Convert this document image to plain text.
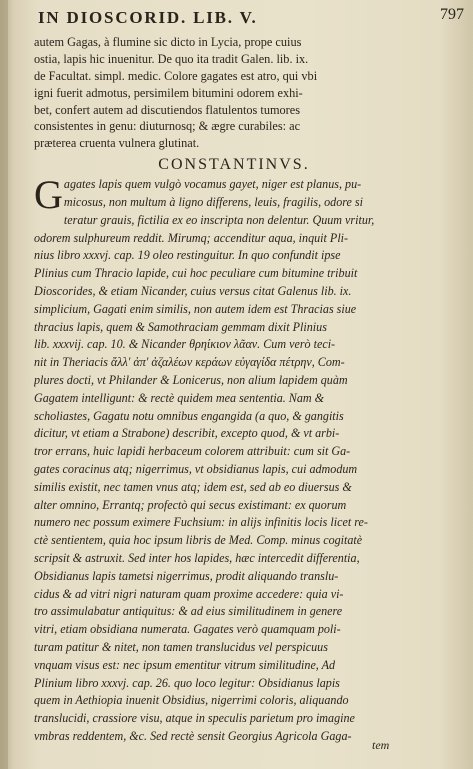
IN DIOSCORID. LIB. V.	797
autem Gagas, à flumine sic dicto in Lycia, prope cuius
ostia, lapis hic inuenitur. De quo ita tradit Galen. lib. ix.
de Facultat. simpl. medic. Colore gagates est atro, qui vbi
igni fuerit admotus, persimilem bitumini odorem exhi-
bet, confert autem ad discutiendos flatulentos tumores
consistentes in genu: diuturnosq; & ægre curabiles: ac
præterea cruenta vulnera glutinat.
CONSTANTINVS.
G agates lapis quem vulgò vocamus gayet, niger est planus, pu-
micosus, non multum à ligno differens, leuis, fragilis, odore si
teratur grauis, fictilia ex eo inscripta non delentur. Quum vritur,
odorem sulphureum reddit. Mirumq; accenditur aqua, inquit Pli-
nius libro xxxvj. cap. 19 oleo restinguitur. In quo confundit ipse
Plinius cum Thracio lapide, cui hoc peculiare cum bitumine tribuit
Dioscorides, & etiam Nicander, cuius versus citat Galenus lib. ix.
simplicium, Gagati enim similis, non autem idem est Thracias siue
thracius lapis, quem & Samothraciam gemmam dixit Plinius
lib. xxxvij. cap. 10. & Nicander θρηίκιον λᾶαν. Cum verò teci-
nit in Theriacis ἄλλ' ἀπ' ἀζαλέων κεράων εὐγαγίδα πέτρην, Com-
plures docti, vt Philander & Lonicerus, non alium lapidem quàm
Gagatem intelligunt: & rectè quidem mea sententia. Nam &
scholiastes, Gagatu notu omnibus engangida (a quo, & gangitis
dicitur, vt etiam a Strabone) describit, excepto quod, & vt arbi-
tror errans, huic lapidi herbaceum colorem attribuit: cum sit Ga-
gates coracinus atq; nigerrimus, vt obsidianus lapis, cui admodum
similis existit, nec tamen vnus atq; idem est, sed ab eo diuersus &
alter omnino, Errantq; profectò qui secus existimant: ex quorum
numero nec possum eximere Fuchsium: in alijs infinitis locis licet re-
ctè sentientem, quia hoc ipsum libris de Med. Comp. minus cogitatè
scripsit & astruxit. Sed inter hos lapides, hæc intercedit differentia,
Obsidianus lapis tametsi nigerrimus, prodit aliquando translu-
cidus & ad vitri nigri naturam quam proxime accedere: quia vi-
tro assimulabatur antiquitus: & ad eius similitudinem in genere
vitri, etiam obsidiana numerata. Gagates verò quamquam poli-
turam patitur & nitet, non tamen translucidus vel perspicuus
vnquam visus est: nec ipsum ementitur vitrum similitudine, Ad
Plinium libro xxxvj. cap. 26. quo loco legitur: Obsidianus lapis
quem in Aethiopia inuenit Obsidius, nigerrimi coloris, aliquando
translucidi, crassiore visu, atque in speculis parietum pro imagine
vmbras reddentem, &c. Sed rectè sensit Georgius Agricola Gaga-
tem
